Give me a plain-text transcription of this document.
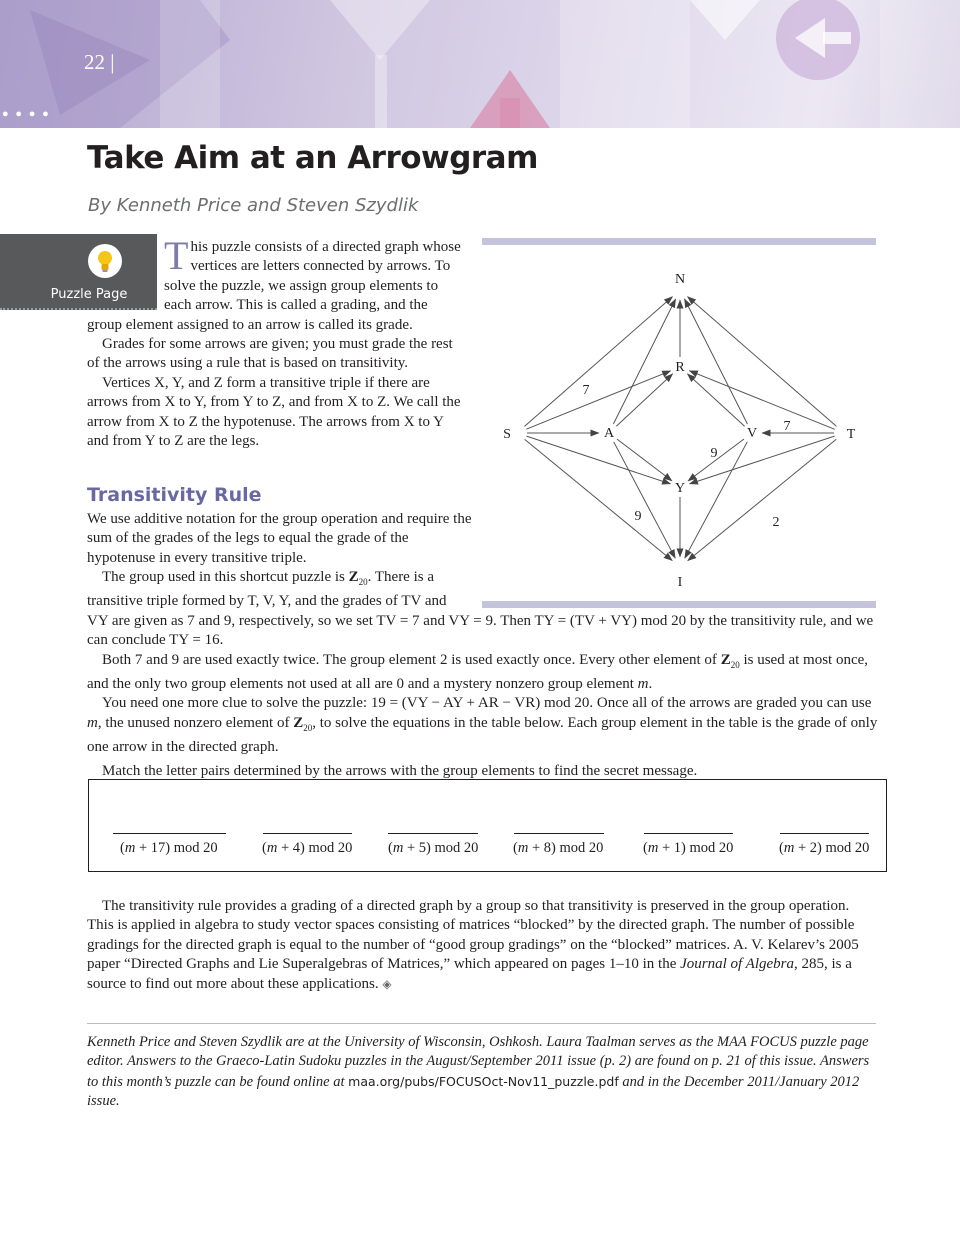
22 |
● ● ● ●
Take Aim at an Arrowgram
By Kenneth Price and Steven Szydlik
Puzzle Page

This puzzle consists of a directed graph whose vertices are letters connected by arrows. To solve the puzzle, we assign group elements to each arrow. This is called a grading, and the group element assigned to an arrow is called its grade.

Grades for some arrows are given; you must grade the rest of the arrows using a rule that is based on transitivity.

Vertices X, Y, and Z form a transitive triple if there are arrows from X to Y, from Y to Z, and from X to Z. We call the arrow from X to Z the hypotenuse. The arrows from X to Y and from Y to Z are the legs.

Transitivity Rule

We use additive notation for the group operation and require the sum of the grades of the legs to equal the grade of the hypotenuse in every transitive triple.

The group used in this shortcut puzzle is $Z_{20}$. There is a transitive triple formed by T, V, Y, and the grades of TV and VY are given as 7 and 9, respectively, so we set TV = 7 and VY = 9. Then TY = (TV + VY) mod 20 by the transitivity rule, and we can conclude TY = 16.

Both 7 and 9 are used exactly twice. The group element 2 is used exactly once. Every other element of $Z_{20}$ is used at most once, and the only two group elements not used at all are 0 and a mystery nonzero group element m.

You need one more clue to solve the puzzle: 19 = (VY − AY + AR − VR) mod 20. Once all of the arrows are graded you can use m, the unused nonzero element of $Z_{20}$, to solve the equations in the table below. Each group element in the table is the grade of only one arrow in the directed graph.

Match the letter pairs determined by the arrows with the group elements to find the secret message.

N
R
S	A	V	T
Y
I
7
7
9
9	2
(m + 17) mod 20	(m + 4) mod 20 (m + 5) mod 20 (m + 8) mod 20	(m + 1) mod 20	(m + 2) mod 20

The transitivity rule provides a grading of a directed graph by a group so that transitivity is preserved in the group operation. This is applied in algebra to study vector spaces consisting of matrices “blocked” by the directed graph. The number of possible gradings for the directed graph is equal to the number of “good group gradings” on the “blocked” matrices. A. V. Kelarev’s 2005 paper “Directed Graphs and Lie Superalgebras of Matrices,” which appeared on pages 1–10 in the Journal of Algebra, 285, is a source to find out more about these applications. ◈

Kenneth Price and Steven Szydlik are at the University of Wisconsin, Oshkosh. Laura Taalman serves as the MAA FOCUS puzzle page editor. Answers to the Graeco-Latin Sudoku puzzles in the August/September 2011 issue (p. 2) are found on p. 21 of this issue. Answers to this month’s puzzle can be found online at maa.org/pubs/FOCUSOct-Nov11_puzzle.pdf and in the December 2011/January 2012 issue.
